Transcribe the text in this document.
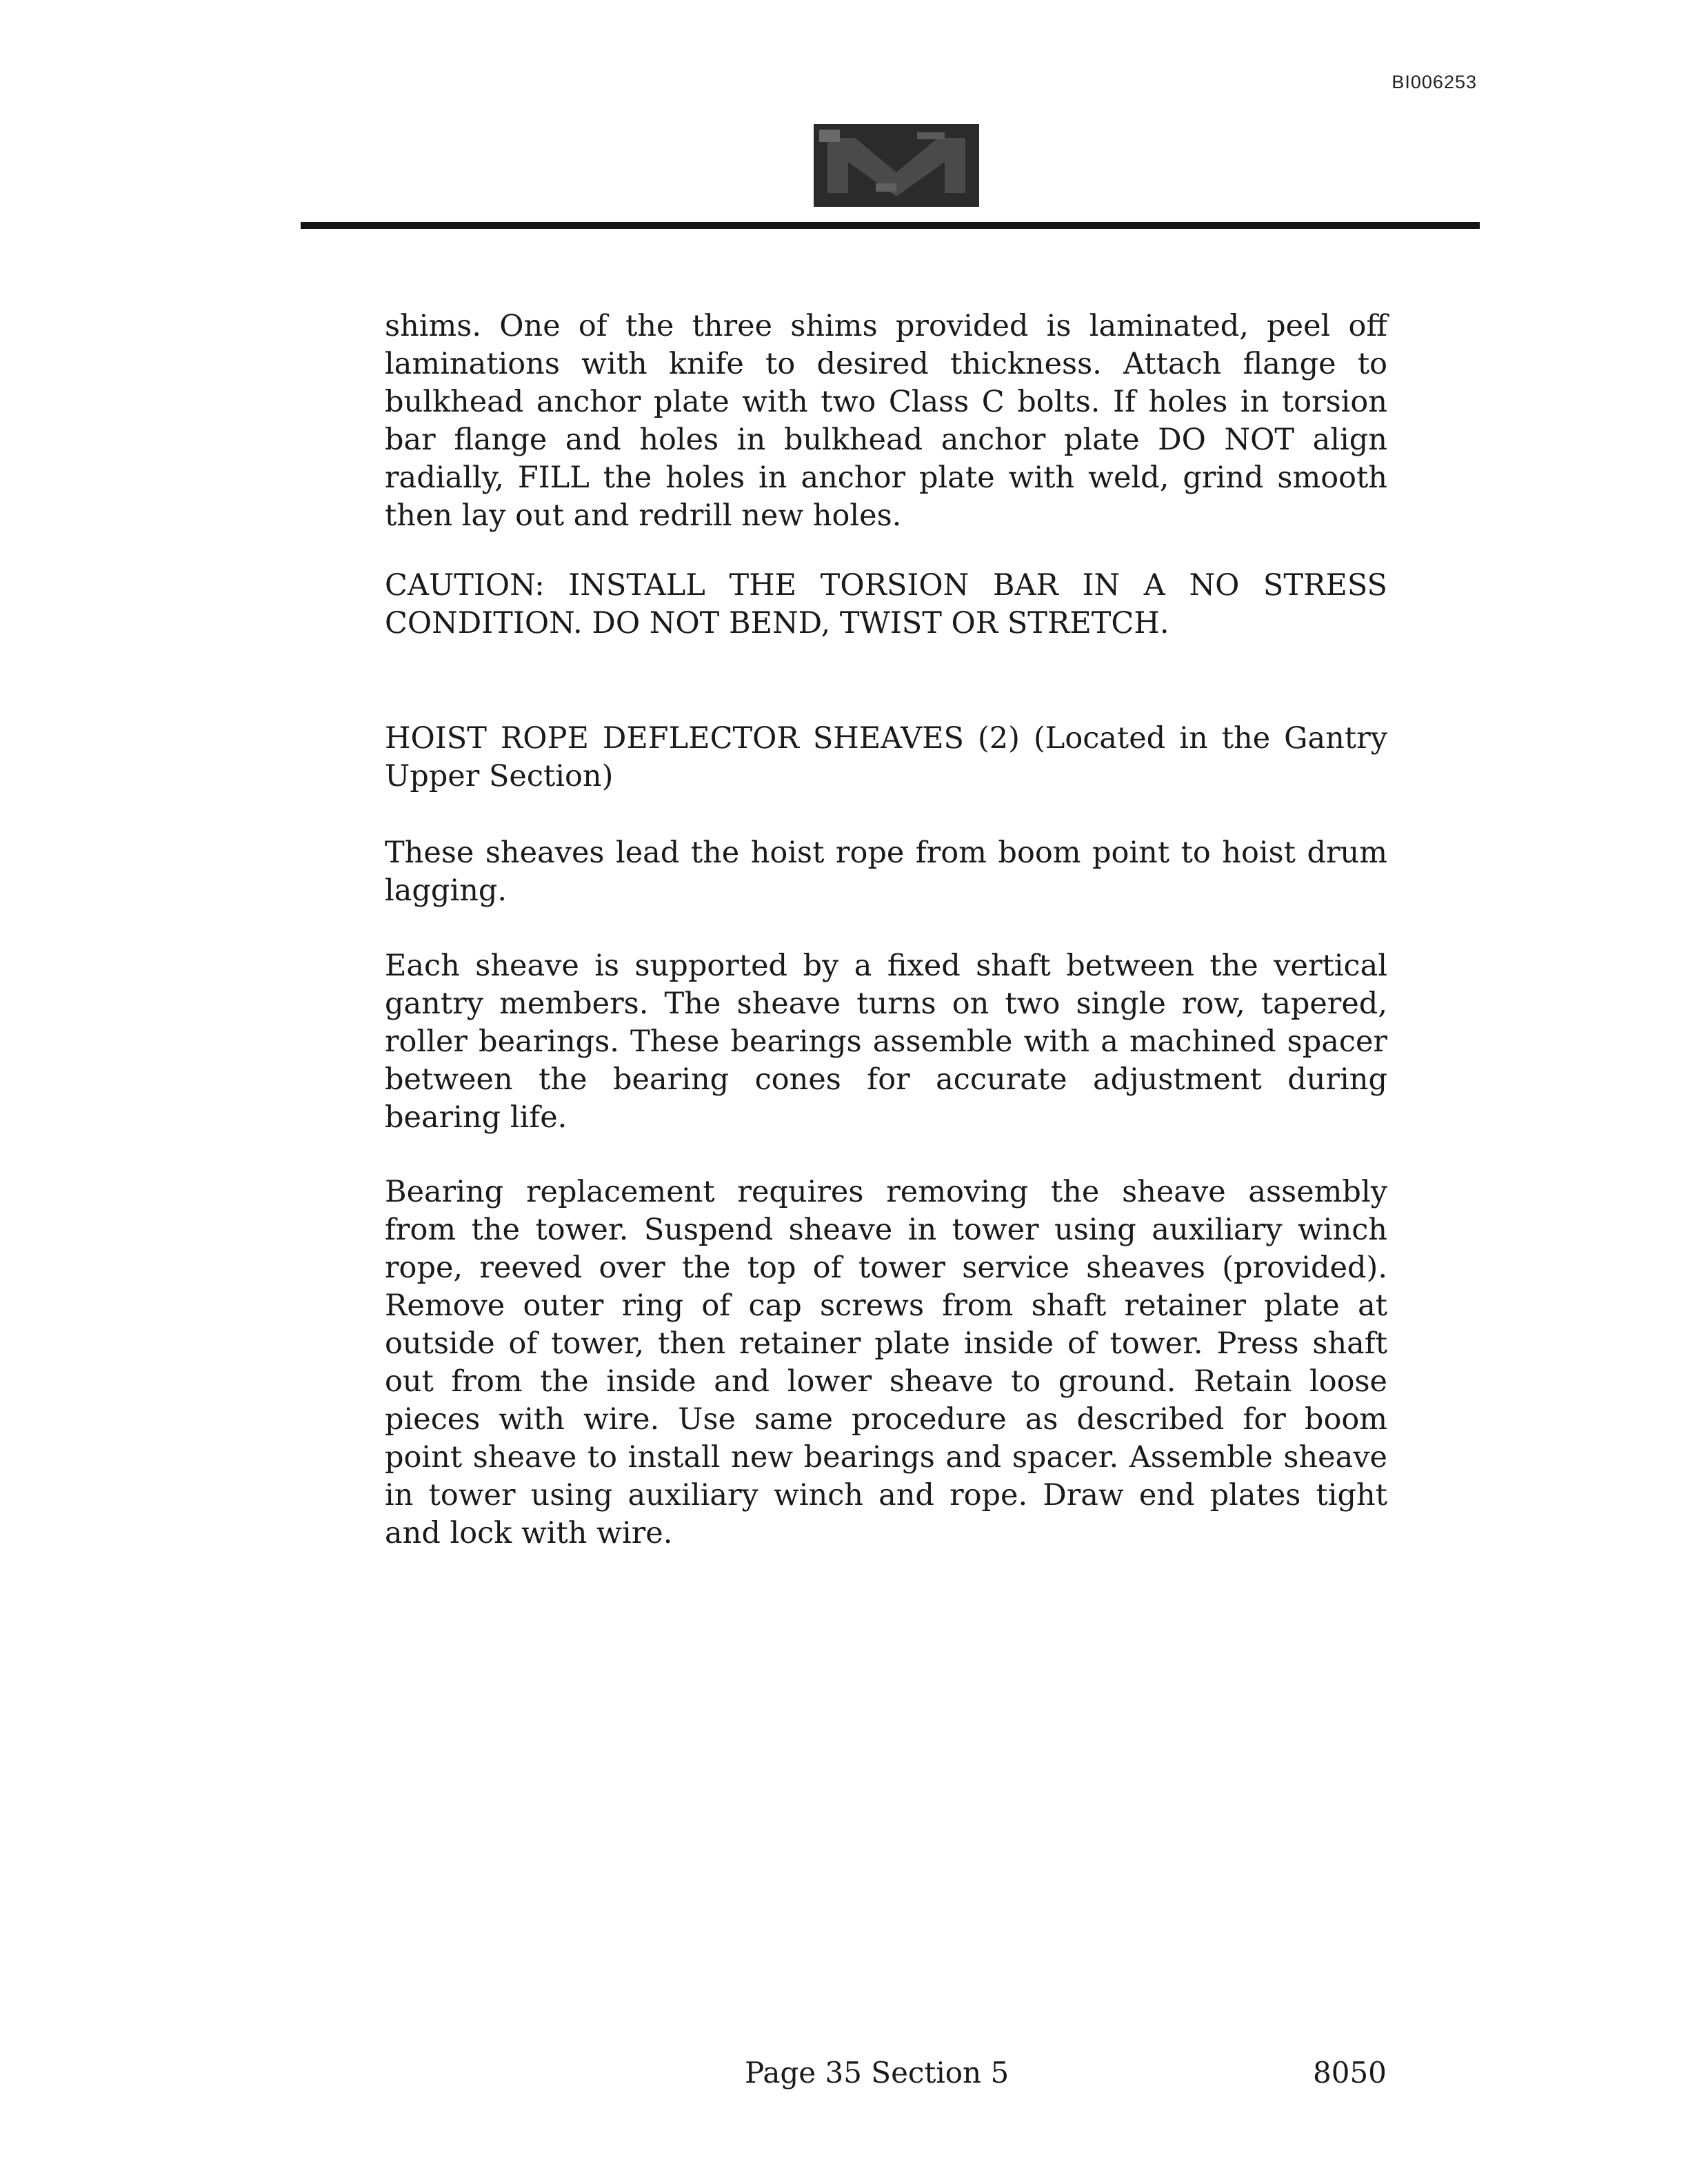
BI006253
shims. One of the three shims provided is laminated, peel off laminations with knife to desired thickness. Attach flange to bulkhead anchor plate with two Class C bolts. If holes in torsion bar flange and holes in bulkhead anchor plate DO NOT align radially, FILL the holes in anchor plate with weld, grind smooth then lay out and redrill new holes.
CAUTION: INSTALL THE TORSION BAR IN A NO STRESS CONDITION. DO NOT BEND, TWIST OR STRETCH.
HOIST ROPE DEFLECTOR SHEAVES (2) (Located in the Gantry Upper Section)
These sheaves lead the hoist rope from boom point to hoist drum lagging.
Each sheave is supported by a fixed shaft between the vertical gantry members. The sheave turns on two single row, tapered, roller bearings. These bearings assemble with a machined spacer between the bearing cones for accurate adjustment during bearing life.
Bearing replacement requires removing the sheave assembly from the tower. Suspend sheave in tower using auxiliary winch rope, reeved over the top of tower service sheaves (provided). Remove outer ring of cap screws from shaft retainer plate at outside of tower, then retainer plate inside of tower. Press shaft out from the inside and lower sheave to ground. Retain loose pieces with wire. Use same procedure as described for boom point sheave to install new bearings and spacer. Assemble sheave in tower using auxiliary winch and rope. Draw end plates tight and lock with wire.
Page 35 Section 5	8050
